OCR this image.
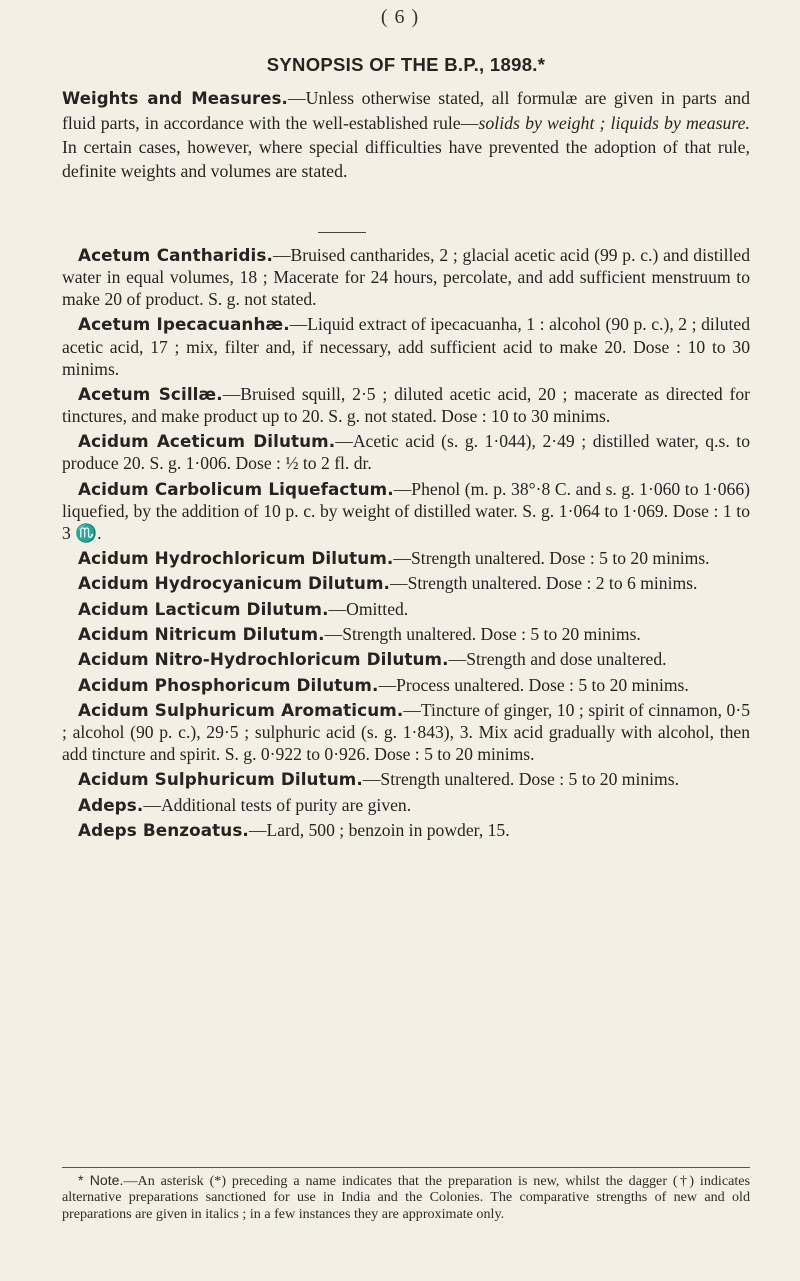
( 6 )
SYNOPSIS OF THE B.P., 1898.*

Weights and Measures.—Unless otherwise stated, all formulæ are given in parts and fluid parts, in accordance with the well-established rule—solids by weight ; liquids by measure. In certain cases, however, where special difficulties have prevented the adoption of that rule, definite weights and volumes are stated.

Acetum Cantharidis.—Bruised cantharides, 2 ; glacial acetic acid (99 p. c.) and distilled water in equal volumes, 18 ; Macerate for 24 hours, percolate, and add sufficient menstruum to make 20 of product. S. g. not stated.

Acetum Ipecacuanhæ.—Liquid extract of ipecacuanha, 1 : alcohol (90 p. c.), 2 ; diluted acetic acid, 17 ; mix, filter and, if necessary, add sufficient acid to make 20. Dose : 10 to 30 minims.

Acetum Scillæ.—Bruised squill, 2·5 ; diluted acetic acid, 20 ; macerate as directed for tinctures, and make product up to 20. S. g. not stated. Dose : 10 to 30 minims.

Acidum Aceticum Dilutum.—Acetic acid (s. g. 1·044), 2·49 ; distilled water, q.s. to produce 20. S. g. 1·006. Dose : ½ to 2 fl. dr.

Acidum Carbolicum Liquefactum.—Phenol (m. p. 38°·8 C. and s. g. 1·060 to 1·066) liquefied, by the addition of 10 p. c. by weight of distilled water. S. g. 1·064 to 1·069. Dose : 1 to 3 ♏.

Acidum Hydrochloricum Dilutum.—Strength unaltered. Dose : 5 to 20 minims.

Acidum Hydrocyanicum Dilutum.—Strength unaltered. Dose : 2 to 6 minims.

Acidum Lacticum Dilutum.—Omitted.

Acidum Nitricum Dilutum.—Strength unaltered. Dose : 5 to 20 minims.

Acidum Nitro-Hydrochloricum Dilutum.—Strength and dose unaltered.

Acidum Phosphoricum Dilutum.—Process unaltered. Dose : 5 to 20 minims.

Acidum Sulphuricum Aromaticum.—Tincture of ginger, 10 ; spirit of cinnamon, 0·5 ; alcohol (90 p. c.), 29·5 ; sulphuric acid (s. g. 1·843), 3. Mix acid gradually with alcohol, then add tincture and spirit. S. g. 0·922 to 0·926. Dose : 5 to 20 minims.

Acidum Sulphuricum Dilutum.—Strength unaltered. Dose : 5 to 20 minims.

Adeps.—Additional tests of purity are given.

Adeps Benzoatus.—Lard, 500 ; benzoin in powder, 15.

* Note.—An asterisk (*) preceding a name indicates that the preparation is new, whilst the dagger (†) indicates alternative preparations sanctioned for use in India and the Colonies. The comparative strengths of new and old preparations are given in italics ; in a few instances they are approximate only.
